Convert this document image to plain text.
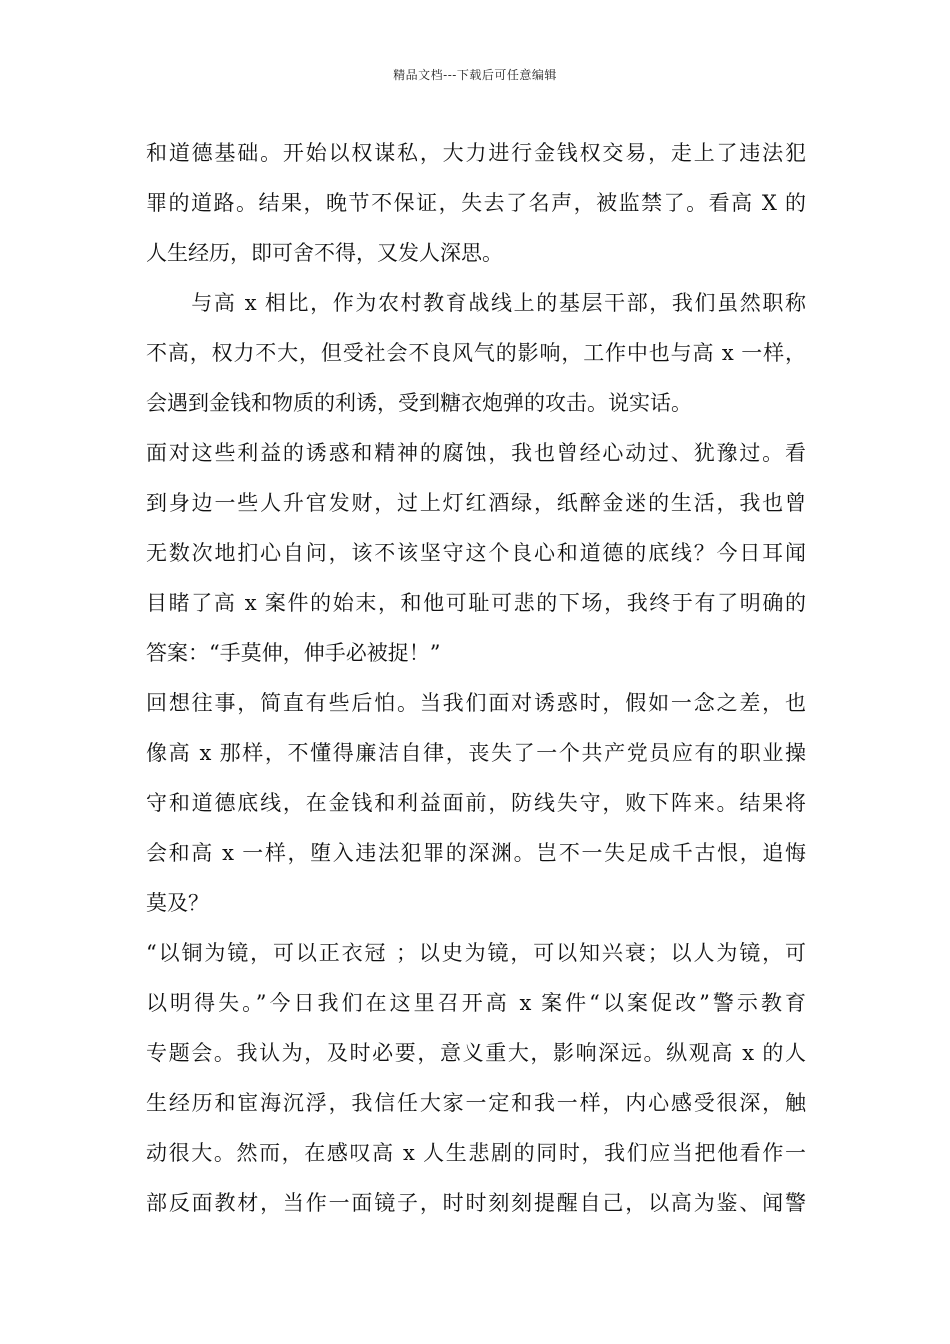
精品文档---下载后可任意编辑
和道德基础。开始以权谋私，大力进行金钱权交易，走上了违法犯
罪的道路。结果，晚节不保证，失去了名声，被监禁了。看高 X 的
人生经历，即可舍不得，又发人深思。
　　与高 x 相比，作为农村教育战线上的基层干部，我们虽然职称
不高，权力不大，但受社会不良风气的影响，工作中也与高 x 一样，
会遇到金钱和物质的利诱，受到糖衣炮弹的攻击。说实话。
面对这些利益的诱惑和精神的腐蚀，我也曾经心动过、犹豫过。看
到身边一些人升官发财，过上灯红酒绿，纸醉金迷的生活，我也曾
无数次地扪心自问，该不该坚守这个良心和道德的底线？今日耳闻
目睹了高 x 案件的始末，和他可耻可悲的下场，我终于有了明确的
答案：“手莫伸，伸手必被捉！”
回想往事，简直有些后怕。当我们面对诱惑时，假如一念之差，也
像高 x 那样，不懂得廉洁自律，丧失了一个共产党员应有的职业操
守和道德底线，在金钱和利益面前，防线失守，败下阵来。结果将
会和高 x 一样，堕入违法犯罪的深渊。岂不一失足成千古恨，追悔
莫及？
“以铜为镜，可以正衣冠 ；以史为镜，可以知兴衰；以人为镜，可
以明得失。”今日我们在这里召开高 x 案件“以案促改”警示教育
专题会。我认为，及时必要，意义重大，影响深远。纵观高 x 的人
生经历和宦海沉浮，我信任大家一定和我一样，内心感受很深，触
动很大。然而，在感叹高 x 人生悲剧的同时，我们应当把他看作一
部反面教材，当作一面镜子，时时刻刻提醒自己，以高为鉴、闻警
